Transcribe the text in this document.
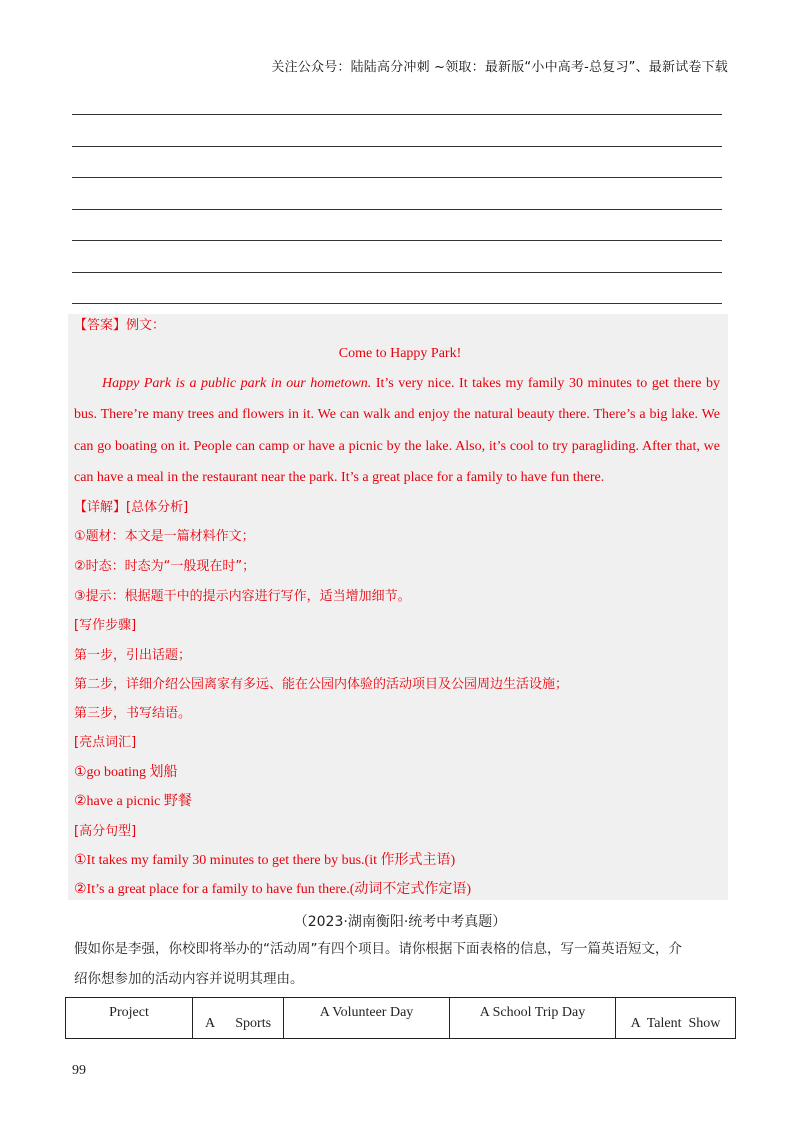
关注公众号：陆陆高分冲刺 ~领取：最新版“小中高考-总复习”、最新试卷下载
【答案】例文：
Come to Happy Park!
Happy Park is a public park in our hometown. It’s very nice. It takes my family 30 minutes to get there by bus. There’re many trees and flowers in it. We can walk and enjoy the natural beauty there. There’s a big lake. We can go boating on it. People can camp or have a picnic by the lake. Also, it’s cool to try paragliding. After that, we can have a meal in the restaurant near the park. It’s a great place for a family to have fun there.
【详解】[总体分析]
①题材：本文是一篇材料作文；
②时态：时态为“一般现在时”；
③提示：根据题干中的提示内容进行写作，适当增加细节。
[写作步骤]
第一步，引出话题；
第二步，详细介绍公园离家有多远、能在公园内体验的活动项目及公园周边生活设施；
第三步，书写结语。
[亮点词汇]
①go boating 划船
②have a picnic 野餐
[高分句型]
①It takes my family 30 minutes to get there by bus.(it 作形式主语)
②It’s a great place for a family to have fun there.(动词不定式作定语)
（2023·湖南衡阳·统考中考真题）
假如你是李强，你校即将举办的“活动周”有四个项目。请你根据下面表格的信息，写一篇英语短文，介
绍你想参加的活动内容并说明其理由。
Project	A      Sports	A Volunteer Day	A School Trip Day	A  Talent  Show
99
